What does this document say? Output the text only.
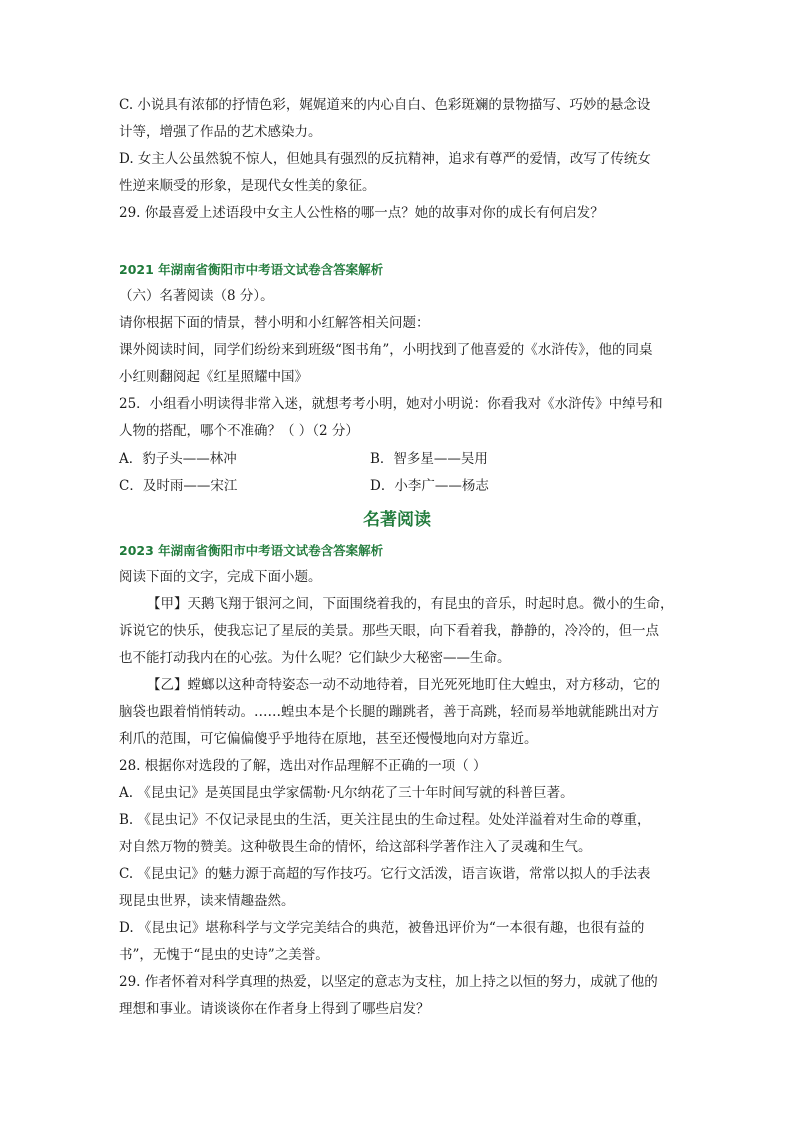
C. 小说具有浓郁的抒情色彩，娓娓道来的内心自白、色彩斑斓的景物描写、巧妙的悬念设
计等，增强了作品的艺术感染力。
D. 女主人公虽然貌不惊人，但她具有强烈的反抗精神，追求有尊严的爱情，改写了传统女
性逆来顺受的形象，是现代女性美的象征。
29. 你最喜爱上述语段中女主人公性格的哪一点？她的故事对你的成长有何启发？
2021 年湖南省衡阳市中考语文试卷含答案解析
（六）名著阅读（8 分）。
请你根据下面的情景，替小明和小红解答相关问题：
课外阅读时间，同学们纷纷来到班级“图书角”，小明找到了他喜爱的《水浒传》，他的同桌
小红则翻阅起《红星照耀中国》
25．小组看小明读得非常入迷，就想考考小明，她对小明说：你看我对《水浒传》中绰号和
人物的搭配，哪个不准确？（ ）（2 分）
A．豹子头——林冲	B．智多星——吴用
C．及时雨——宋江	D．小李广——杨志
名著阅读
2023 年湖南省衡阳市中考语文试卷含答案解析
阅读下面的文字，完成下面小题。
【甲】天鹅飞翔于银河之间，下面围绕着我的，有昆虫的音乐，时起时息。微小的生命，
诉说它的快乐，使我忘记了星辰的美景。那些天眼，向下看着我，静静的，冷冷的，但一点
也不能打动我内在的心弦。为什么呢？它们缺少大秘密——生命。
【乙】螳螂以这种奇特姿态一动不动地待着，目光死死地盯住大蝗虫，对方移动，它的
脑袋也跟着悄悄转动。……蝗虫本是个长腿的蹦跳者，善于高跳，轻而易举地就能跳出对方
利爪的范围，可它偏偏傻乎乎地待在原地，甚至还慢慢地向对方靠近。
28. 根据你对选段的了解，选出对作品理解不正确的一项（ ）
A. 《昆虫记》是英国昆虫学家儒勒·凡尔纳花了三十年时间写就的科普巨著。
B. 《昆虫记》不仅记录昆虫的生活，更关注昆虫的生命过程。处处洋溢着对生命的尊重，
对自然万物的赞美。这种敬畏生命的情怀，给这部科学著作注入了灵魂和生气。
C. 《昆虫记》的魅力源于高超的写作技巧。它行文活泼，语言诙谐，常常以拟人的手法表
现昆虫世界，读来情趣盎然。
D. 《昆虫记》堪称科学与文学完美结合的典范，被鲁迅评价为“一本很有趣，也很有益的
书”，无愧于“昆虫的史诗”之美誉。
29. 作者怀着对科学真理的热爱，以坚定的意志为支柱，加上持之以恒的努力，成就了他的
理想和事业。请谈谈你在作者身上得到了哪些启发？
